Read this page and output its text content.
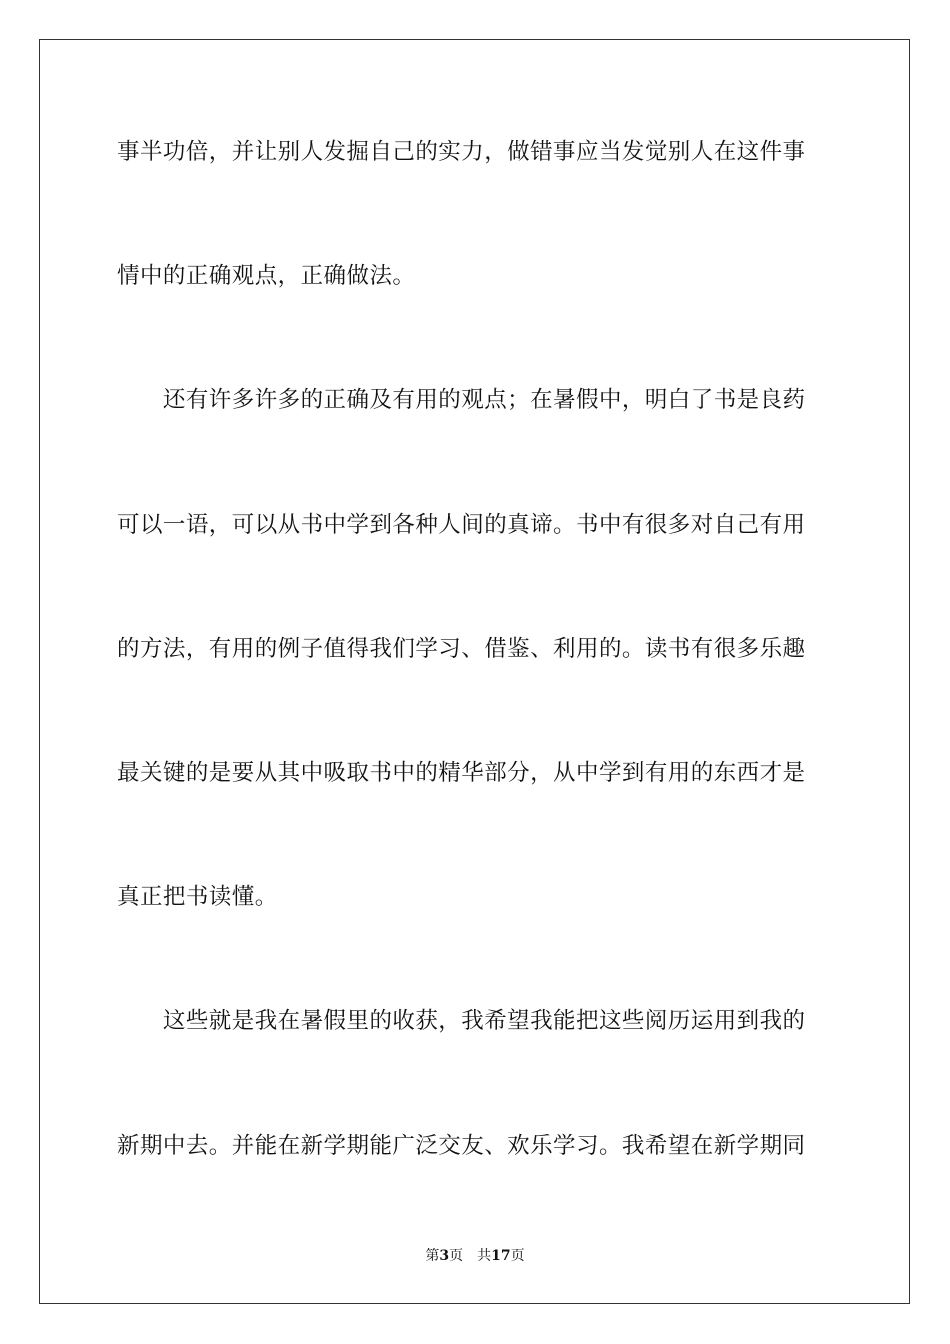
事半功倍，并让别人发掘自己的实力，做错事应当发觉别人在这件事
情中的正确观点，正确做法。
　　还有许多许多的正确及有用的观点；在暑假中，明白了书是良药
可以一语，可以从书中学到各种人间的真谛。书中有很多对自己有用
的方法，有用的例子值得我们学习、借鉴、利用的。读书有很多乐趣
最关键的是要从其中吸取书中的精华部分，从中学到有用的东西才是
真正把书读懂。
　　这些就是我在暑假里的收获，我希望我能把这些阅历运用到我的
新期中去。并能在新学期能广泛交友、欢乐学习。我希望在新学期同
第3页　共17页
